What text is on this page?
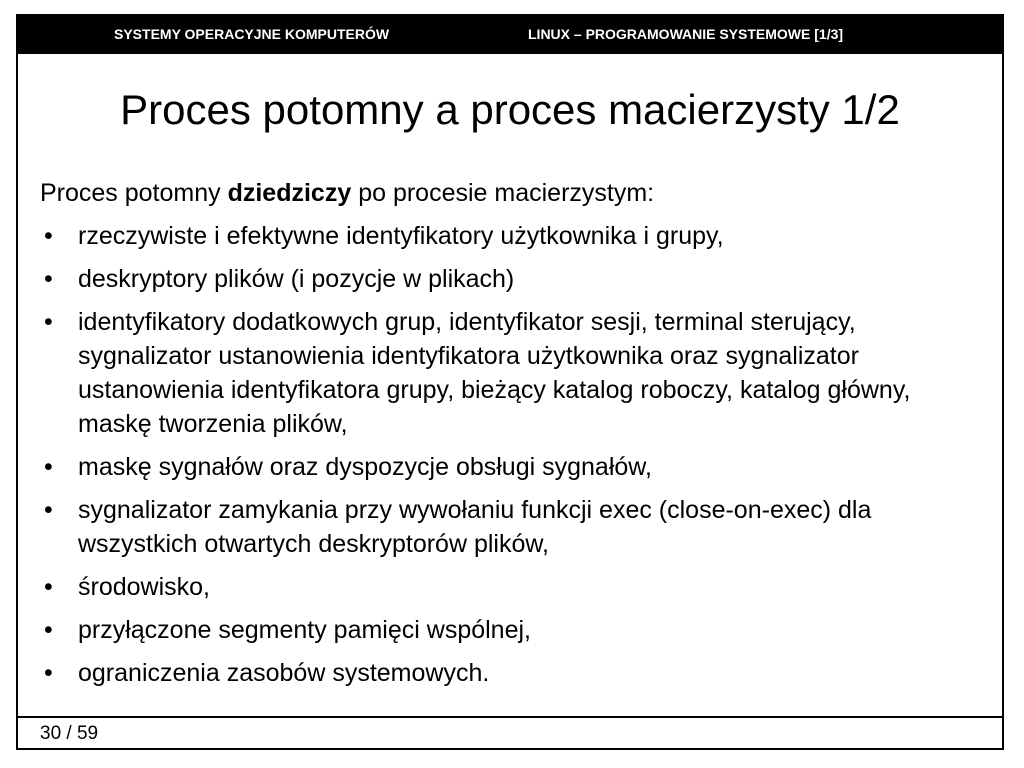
SYSTEMY OPERACYJNE KOMPUTERÓW	LINUX – PROGRAMOWANIE SYSTEMOWE [1/3]
Proces potomny a proces macierzysty 1/2

Proces potomny dziedziczy po procesie macierzystym:

• rzeczywiste i efektywne identyfikatory użytkownika i grupy,
• deskryptory plików (i pozycje w plikach)
• identyfikatory dodatkowych grup, identyfikator sesji, terminal sterujący, sygnalizator ustanowienia identyfikatora użytkownika oraz sygnalizator ustanowienia identyfikatora grupy, bieżący katalog roboczy, katalog główny, maskę tworzenia plików,
• maskę sygnałów oraz dyspozycje obsługi sygnałów,
• sygnalizator zamykania przy wywołaniu funkcji exec (close-on-exec) dla wszystkich otwartych deskryptorów plików,
• środowisko,
• przyłączone segmenty pamięci wspólnej,
• ograniczenia zasobów systemowych.
30 / 59
